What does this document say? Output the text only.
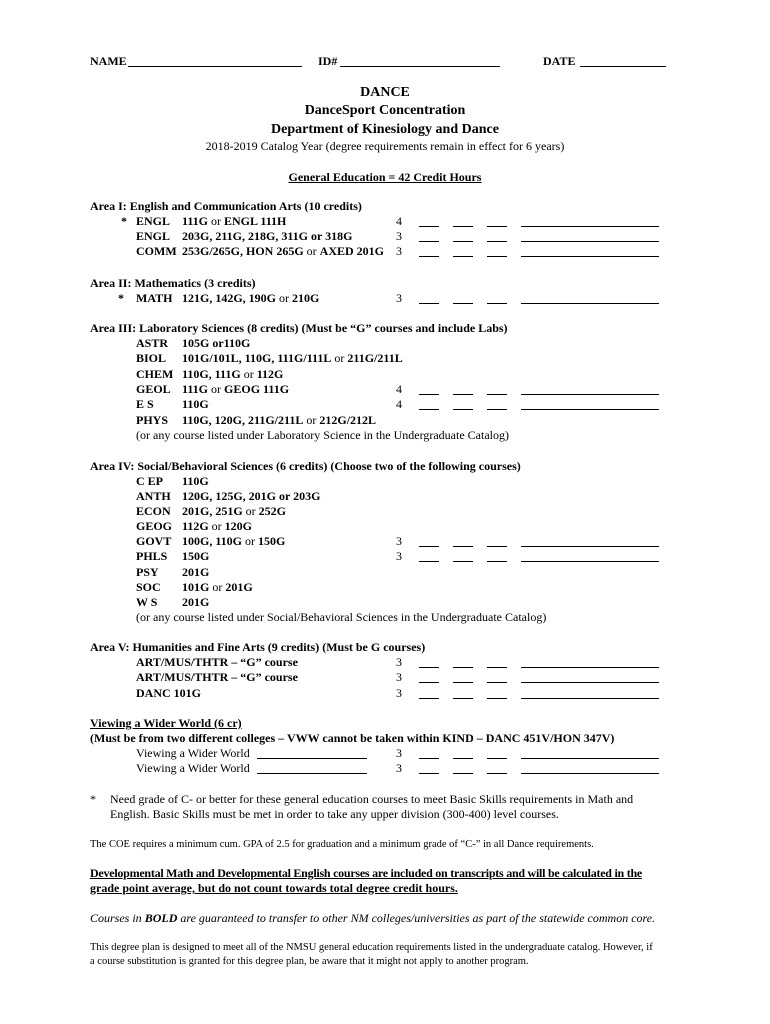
NAME	ID#	DATE
DANCE
DanceSport Concentration
Department of Kinesiology and Dance
2018-2019 Catalog Year (degree requirements remain in effect for 6 years)
General Education = 42 Credit Hours
Area I: English and Communication Arts (10 credits)
Area II: Mathematics (3 credits)
Area III: Laboratory Sciences (8 credits) (Must be “G” courses and include Labs)
(or any course listed under Laboratory Science in the Undergraduate Catalog)
Area IV: Social/Behavioral Sciences (6 credits) (Choose two of the following courses)
(or any course listed under Social/Behavioral Sciences in the Undergraduate Catalog)
Area V: Humanities and Fine Arts (9 credits) (Must be G courses)
Viewing a Wider World (6 cr)
(Must be from two different colleges – VWW cannot be taken within KIND – DANC 451V/HON 347V)
* ENGL 111G or ENGL 111H	4
ENGL 203G, 211G, 218G, 311G or 318G	3
COMM 253G/265G, HON 265G or AXED 201G 3
* MATH 121G, 142G, 190G or 210G	3
ASTR 105G or110G
BIOL 101G/101L, 110G, 111G/111L or 211G/211L
CHEM 110G, 111G or 112G
GEOL 111G or GEOG 111G	4
E S 110G	4
PHYS 110G, 120G, 211G/211L or 212G/212L
C EP 110G
ANTH 120G, 125G, 201G or 203G
ECON 201G, 251G or 252G
GEOG 112G or 120G
GOVT 100G, 110G or 150G	3
PHLS 150G	3
PSY 201G
SOC 101G or 201G
W S 201G
ART/MUS/THTR – “G” course	3
ART/MUS/THTR – “G” course	3
DANC 101G	3
Viewing a Wider World	3
Viewing a Wider World	3
* Need grade of C- or better for these general education courses to meet Basic Skills requirements in Math and
English. Basic Skills must be met in order to take any upper division (300-400) level courses.
The COE requires a minimum cum. GPA of 2.5 for graduation and a minimum grade of “C-” in all Dance requirements.
Developmental Math and Developmental English courses are included on transcripts and will be calculated in the
grade point average, but do not count towards total degree credit hours.
Courses in BOLD are guaranteed to transfer to other NM colleges/universities as part of the statewide common core.
This degree plan is designed to meet all of the NMSU general education requirements listed in the undergraduate catalog. However, if
a course substitution is granted for this degree plan, be aware that it might not apply to another program.
